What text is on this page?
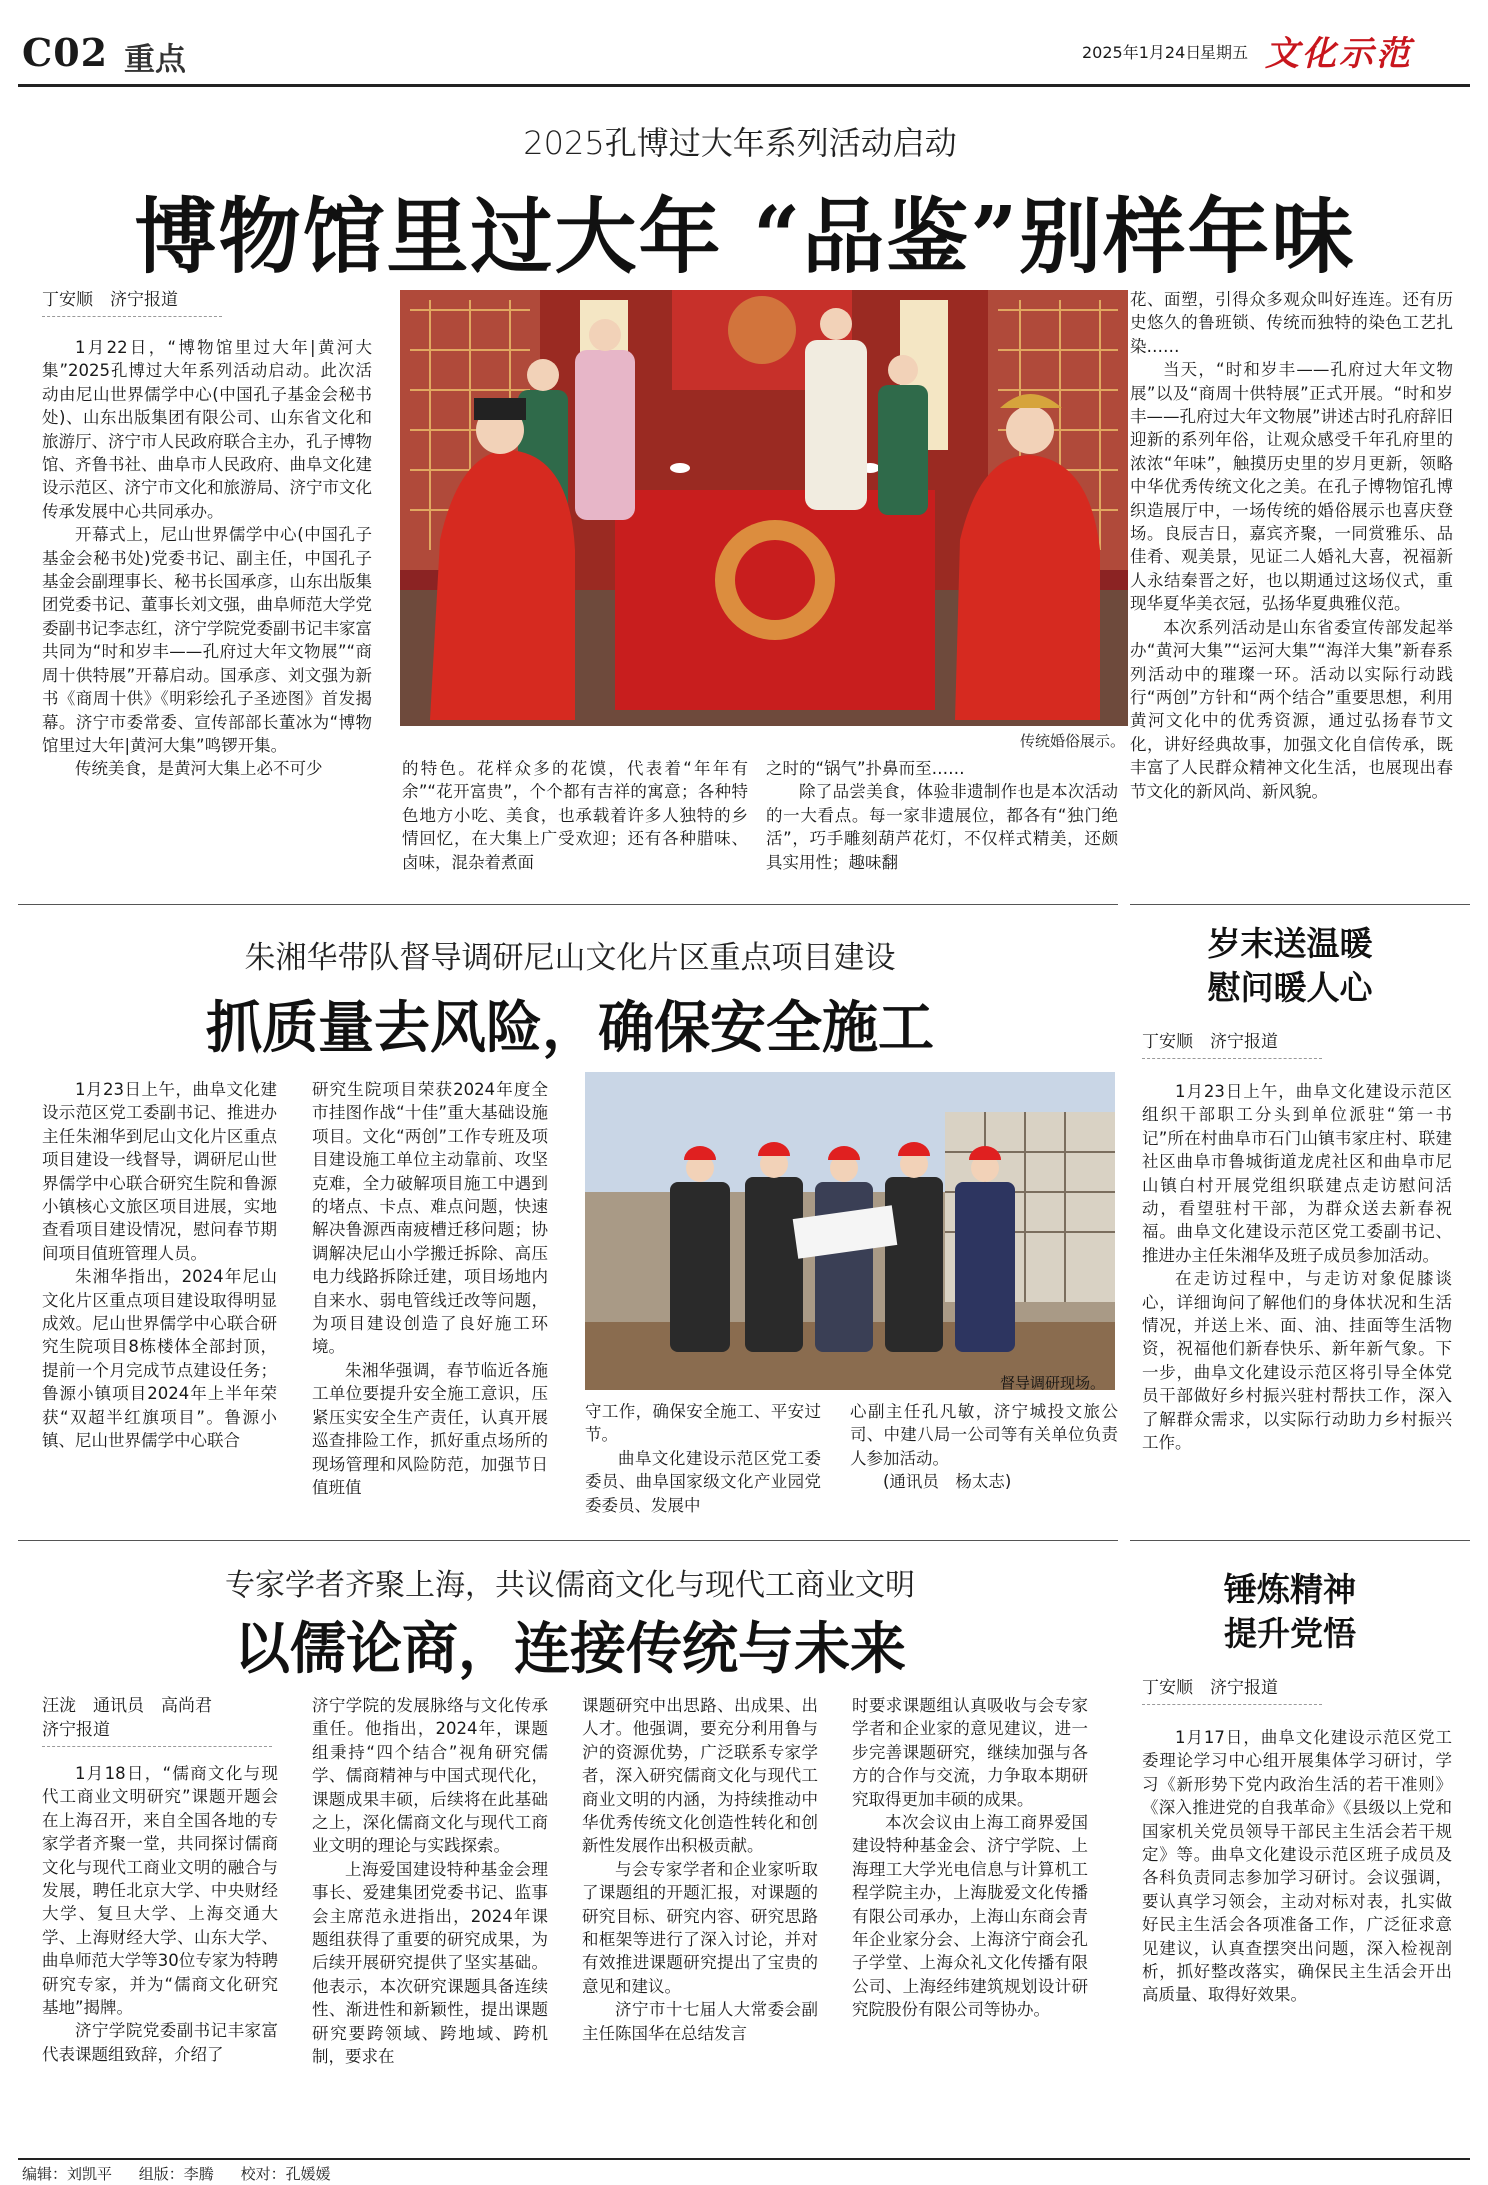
C02 重点	2025年1月24日
星期五 文化示范
2025孔博过大年系列活动启动
博物馆里过大年 “品鉴”别样年味
丁安顺　济宁报道

1月22日，“博物馆里过大年|黄河大集”2025孔博过大年系列活动启动。此次活动由尼山世界儒学中心(中国孔子基金会秘书处)、山东出版集团有限公司、山东省文化和旅游厅、济宁市人民政府联合主办，孔子博物馆、齐鲁书社、曲阜市人民政府、曲阜文化建设示范区、济宁市文化和旅游局、济宁市文化传承发展中心共同承办。

开幕式上，尼山世界儒学中心(中国孔子基金会秘书处)党委书记、副主任，中国孔子基金会副理事长、秘书长国承彦，山东出版集团党委书记、董事长刘文强，曲阜师范大学党委副书记李志红，济宁学院党委副书记丰家富共同为“时和岁丰——孔府过大年文物展”“商周十供特展”开幕启动。国承彦、刘文强为新书《商周十供》《明彩绘孔子圣迹图》首发揭幕。济宁市委常委、宣传部部长董冰为“博物馆里过大年|黄河大集”鸣锣开集。

传统美食，是黄河大集上必不可少

传统婚俗展示。

的特色。花样众多的花馍，代表着“年年有余”“花开富贵”，个个都有吉祥的寓意；各种特色地方小吃、美食，也承载着许多人独特的乡情回忆，在大集上广受欢迎；还有各种腊味、卤味，混杂着煮面

之时的“锅气”扑鼻而至……

除了品尝美食，体验非遗制作也是本次活动的一大看点。每一家非遗展位，都各有“独门绝活”，巧手雕刻葫芦花灯，不仅样式精美，还颇具实用性；趣味翻

花、面塑，引得众多观众叫好连连。还有历史悠久的鲁班锁、传统而独特的染色工艺扎染……

当天，“时和岁丰——孔府过大年文物展”以及“商周十供特展”正式开展。“时和岁丰——孔府过大年文物展”讲述古时孔府辞旧迎新的系列年俗，让观众感受千年孔府里的浓浓“年味”，触摸历史里的岁月更新，领略中华优秀传统文化之美。在孔子博物馆孔博织造展厅中，一场传统的婚俗展示也喜庆登场。良辰吉日，嘉宾齐聚，一同赏雅乐、品佳肴、观美景，见证二人婚礼大喜，祝福新人永结秦晋之好，也以期通过这场仪式，重现华夏华美衣冠，弘扬华夏典雅仪范。

本次系列活动是山东省委宣传部发起举办“黄河大集”“运河大集”“海洋大集”新春系列活动中的璀璨一环。活动以实际行动践行“两创”方针和“两个结合”重要思想，利用黄河文化中的优秀资源，通过弘扬春节文化，讲好经典故事，加强文化自信传承，既丰富了人民群众精神文化生活，也展现出春节文化的新风尚、新风貌。

朱湘华带队督导调研尼山文化片区重点项目建设
抓质量去风险，确保安全施工

1月23日上午，曲阜文化建设示范区党工委副书记、推进办主任朱湘华到尼山文化片区重点项目建设一线督导，调研尼山世界儒学中心联合研究生院和鲁源小镇核心文旅区项目进展，实地查看项目建设情况，慰问春节期间项目值班管理人员。

朱湘华指出，2024年尼山文化片区重点项目建设取得明显成效。尼山世界儒学中心联合研究生院项目8栋楼体全部封顶，提前一个月完成节点建设任务；鲁源小镇项目2024年上半年荣获“双超半红旗项目”。鲁源小镇、尼山世界儒学中心联合

研究生院项目荣获2024年度全市挂图作战“十佳”重大基础设施项目。文化“两创”工作专班及项目建设施工单位主动靠前、攻坚克难，全力破解项目施工中遇到的堵点、卡点、难点问题，快速解决鲁源西南疲槽迁移问题；协调解决尼山小学搬迁拆除、高压电力线路拆除迁建，项目场地内自来水、弱电管线迁改等问题，为项目建设创造了良好施工环境。

朱湘华强调，春节临近各施工单位要提升安全施工意识，压紧压实安全生产责任，认真开展巡查排险工作，抓好重点场所的现场管理和风险防范，加强节日值班值

督导调研现场。

守工作，确保安全施工、平安过节。

曲阜文化建设示范区党工委委员、曲阜国家级文化产业园党委委员、发展中

心副主任孔凡敏，济宁城投文旅公司、中建八局一公司等有关单位负责人参加活动。

(通讯员　杨太志)

岁末送温暖
慰问暖人心
丁安顺　济宁报道

1月23日上午，曲阜文化建设示范区组织干部职工分头到单位派驻“第一书记”所在村曲阜市石门山镇韦家庄村、联建社区曲阜市鲁城街道龙虎社区和曲阜市尼山镇白村开展党组织联建点走访慰问活动，看望驻村干部，为群众送去新春祝福。曲阜文化建设示范区党工委副书记、推进办主任朱湘华及班子成员参加活动。

在走访过程中，与走访对象促膝谈心，详细询问了解他们的身体状况和生活情况，并送上米、面、油、挂面等生活物资，祝福他们新春快乐、新年新气象。下一步，曲阜文化建设示范区将引导全体党员干部做好乡村振兴驻村帮扶工作，深入了解群众需求，以实际行动助力乡村振兴工作。

专家学者齐聚上海，共议儒商文化与现代工商业文明
以儒论商，连接传统与未来
汪泷　通讯员　高尚君
济宁报道

1月18日，“儒商文化与现代工商业文明研究”课题开题会在上海召开，来自全国各地的专家学者齐聚一堂，共同探讨儒商文化与现代工商业文明的融合与发展，聘任北京大学、中央财经大学、复旦大学、上海交通大学、上海财经大学、山东大学、曲阜师范大学等30位专家为特聘研究专家，并为“儒商文化研究基地”揭牌。

济宁学院党委副书记丰家富代表课题组致辞，介绍了

济宁学院的发展脉络与文化传承重任。他指出，2024年，课题组秉持“四个结合”视角研究儒学、儒商精神与中国式现代化，课题成果丰硕，后续将在此基础之上，深化儒商文化与现代工商业文明的理论与实践探索。

上海爱国建设特种基金会理事长、爱建集团党委书记、监事会主席范永进指出，2024年课题组获得了重要的研究成果，为后续开展研究提供了坚实基础。他表示，本次研究课题具备连续性、渐进性和新颖性，提出课题研究要跨领域、跨地域、跨机制，要求在

课题研究中出思路、出成果、出人才。他强调，要充分利用鲁与沪的资源优势，广泛联系专家学者，深入研究儒商文化与现代工商业文明的内涵，为持续推动中华优秀传统文化创造性转化和创新性发展作出积极贡献。

与会专家学者和企业家听取了课题组的开题汇报，对课题的研究目标、研究内容、研究思路和框架等进行了深入讨论，并对有效推进课题研究提出了宝贵的意见和建议。

济宁市十七届人大常委会副主任陈国华在总结发言

时要求课题组认真吸收与会专家学者和企业家的意见建议，进一步完善课题研究，继续加强与各方的合作与交流，力争取本期研究取得更加丰硕的成果。

本次会议由上海工商界爱国建设特种基金会、济宁学院、上海理工大学光电信息与计算机工程学院主办，上海胧爱文化传播有限公司承办，上海山东商会青年企业家分会、上海济宁商会孔子学堂、上海众礼文化传播有限公司、上海经纬建筑规划设计研究院股份有限公司等协办。

锤炼精神
提升党悟
丁安顺　济宁报道

1月17日，曲阜文化建设示范区党工委理论学习中心组开展集体学习研讨，学习《新形势下党内政治生活的若干准则》《深入推进党的自我革命》《县级以上党和国家机关党员领导干部民主生活会若干规定》等。曲阜文化建设示范区班子成员及各科负责同志参加学习研讨。会议强调，要认真学习领会，主动对标对表，扎实做好民主生活会各项准备工作，广泛征求意见建议，认真查摆突出问题，深入检视剖析，抓好整改落实，确保民主生活会开出高质量、取得好效果。

编辑：刘凯平 组版：李腾 校对：孔媛媛
